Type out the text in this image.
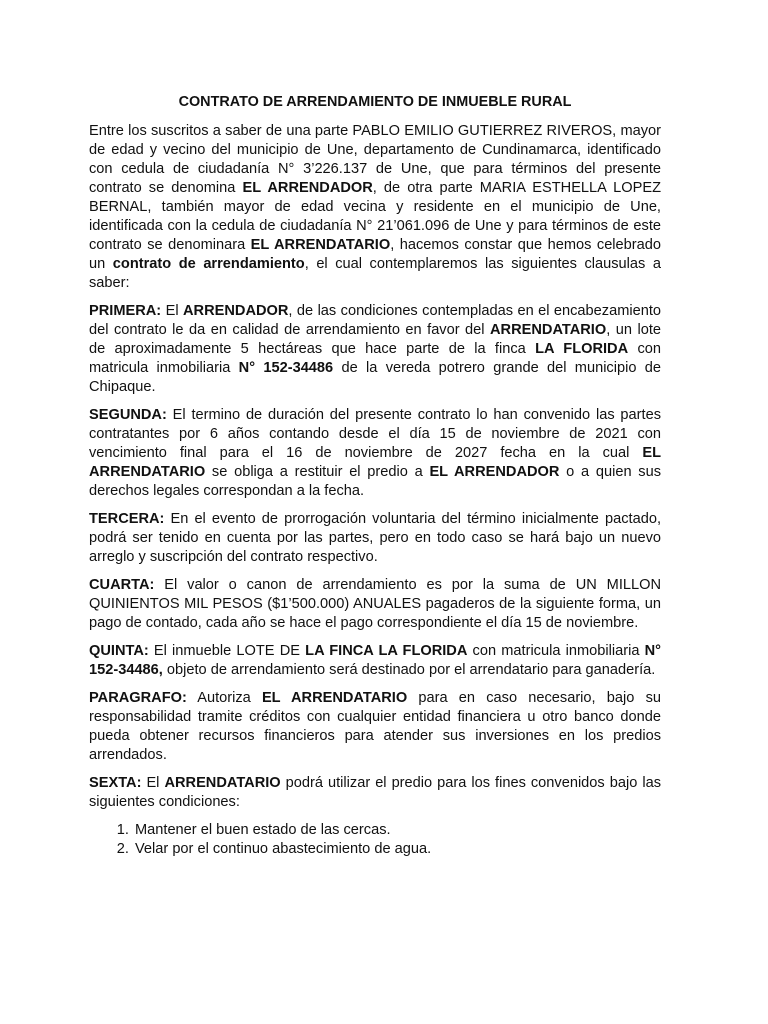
CONTRATO DE ARRENDAMIENTO DE INMUEBLE RURAL

Entre los suscritos a saber de una parte PABLO EMILIO GUTIERREZ RIVEROS, mayor de edad y vecino del municipio de Une, departamento de Cundinamarca, identificado con cedula de ciudadanía N° 3’226.137 de Une, que para términos del presente contrato se denomina EL ARRENDADOR, de otra parte MARIA ESTHELLA LOPEZ BERNAL, también mayor de edad vecina y residente en el municipio de Une, identificada con la cedula de ciudadanía N° 21’061.096 de Une y para términos de este contrato se denominara EL ARRENDATARIO, hacemos constar que hemos celebrado un contrato de arrendamiento, el cual contemplaremos las siguientes clausulas a saber:

PRIMERA: El ARRENDADOR, de las condiciones contempladas en el encabezamiento del contrato le da en calidad de arrendamiento en favor del ARRENDATARIO, un lote de aproximadamente 5 hectáreas que hace parte de la finca LA FLORIDA con matricula inmobiliaria N° 152-34486 de la vereda potrero grande del municipio de Chipaque.

SEGUNDA: El termino de duración del presente contrato lo han convenido las partes contratantes por 6 años contando desde el día 15 de noviembre de 2021 con vencimiento final para el 16 de noviembre de 2027 fecha en la cual EL ARRENDATARIO se obliga a restituir el predio a EL ARRENDADOR o a quien sus derechos legales correspondan a la fecha.

TERCERA: En el evento de prorrogación voluntaria del término inicialmente pactado, podrá ser tenido en cuenta por las partes, pero en todo caso se hará bajo un nuevo arreglo y suscripción del contrato respectivo.

CUARTA: El valor o canon de arrendamiento es por la suma de UN MILLON QUINIENTOS MIL PESOS ($1’500.000) ANUALES pagaderos de la siguiente forma, un pago de contado, cada año se hace el pago correspondiente el día 15 de noviembre.

QUINTA: El inmueble LOTE DE LA FINCA LA FLORIDA con matricula inmobiliaria N° 152-34486, objeto de arrendamiento será destinado por el arrendatario para ganadería.

PARAGRAFO: Autoriza EL ARRENDATARIO para en caso necesario, bajo su responsabilidad tramite créditos con cualquier entidad financiera u otro banco donde pueda obtener recursos financieros para atender sus inversiones en los predios arrendados.

SEXTA: El ARRENDATARIO podrá utilizar el predio para los fines convenidos bajo las siguientes condiciones:

1. Mantener el buen estado de las cercas.
2. Velar por el continuo abastecimiento de agua.
